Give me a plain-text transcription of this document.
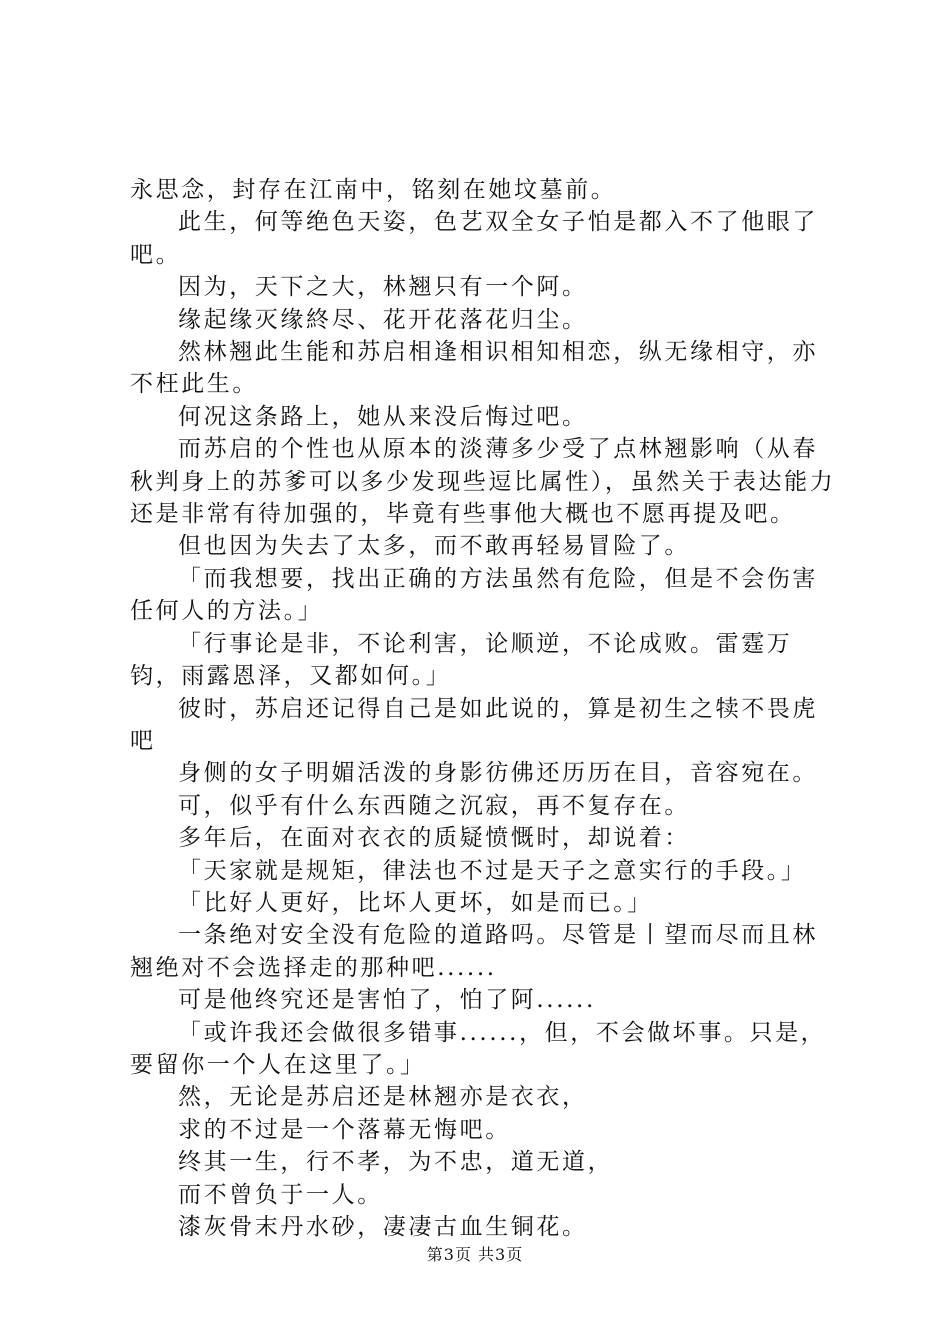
永思念，封存在江南中，铭刻在她坟墓前。

此生，何等绝色天姿，色艺双全女子怕是都入不了他眼了吧。

因为，天下之大，林翘只有一个阿。

缘起缘灭缘終尽、花开花落花归尘。

然林翘此生能和苏启相逢相识相知相恋，纵无缘相守，亦不枉此生。

何况这条路上，她从来没后悔过吧。

而苏启的个性也从原本的淡薄多少受了点林翘影响（从春秋判身上的苏爹可以多少发现些逗比属性），虽然关于表达能力还是非常有待加强的，毕竟有些事他大概也不愿再提及吧。

但也因为失去了太多，而不敢再轻易冒险了。

「而我想要，找出正确的方法虽然有危险，但是不会伤害任何人的方法。」

「行事论是非，不论利害，论顺逆，不论成败。雷霆万钧，雨露恩泽，又都如何。」

彼时，苏启还记得自己是如此说的，算是初生之犊不畏虎吧

身侧的女子明媚活泼的身影彷佛还历历在目，音容宛在。

可，似乎有什么东西随之沉寂，再不复存在。

多年后，在面对衣衣的质疑愤慨时，却说着：

「天家就是规矩，律法也不过是天子之意实行的手段。」

「比好人更好，比坏人更坏，如是而已。」

一条绝对安全没有危险的道路吗。尽管是丨望而尽而且林翘绝对不会选择走的那种吧......

可是他终究还是害怕了，怕了阿......

「或许我还会做很多错事......，但，不会做坏事。只是，要留你一个人在这里了。」

然，无论是苏启还是林翘亦是衣衣，

求的不过是一个落幕无悔吧。

终其一生，行不孝，为不忠，道无道，

而不曾负于一人。

漆灰骨末丹水砂，凄凄古血生铜花。

第3页 共3页
